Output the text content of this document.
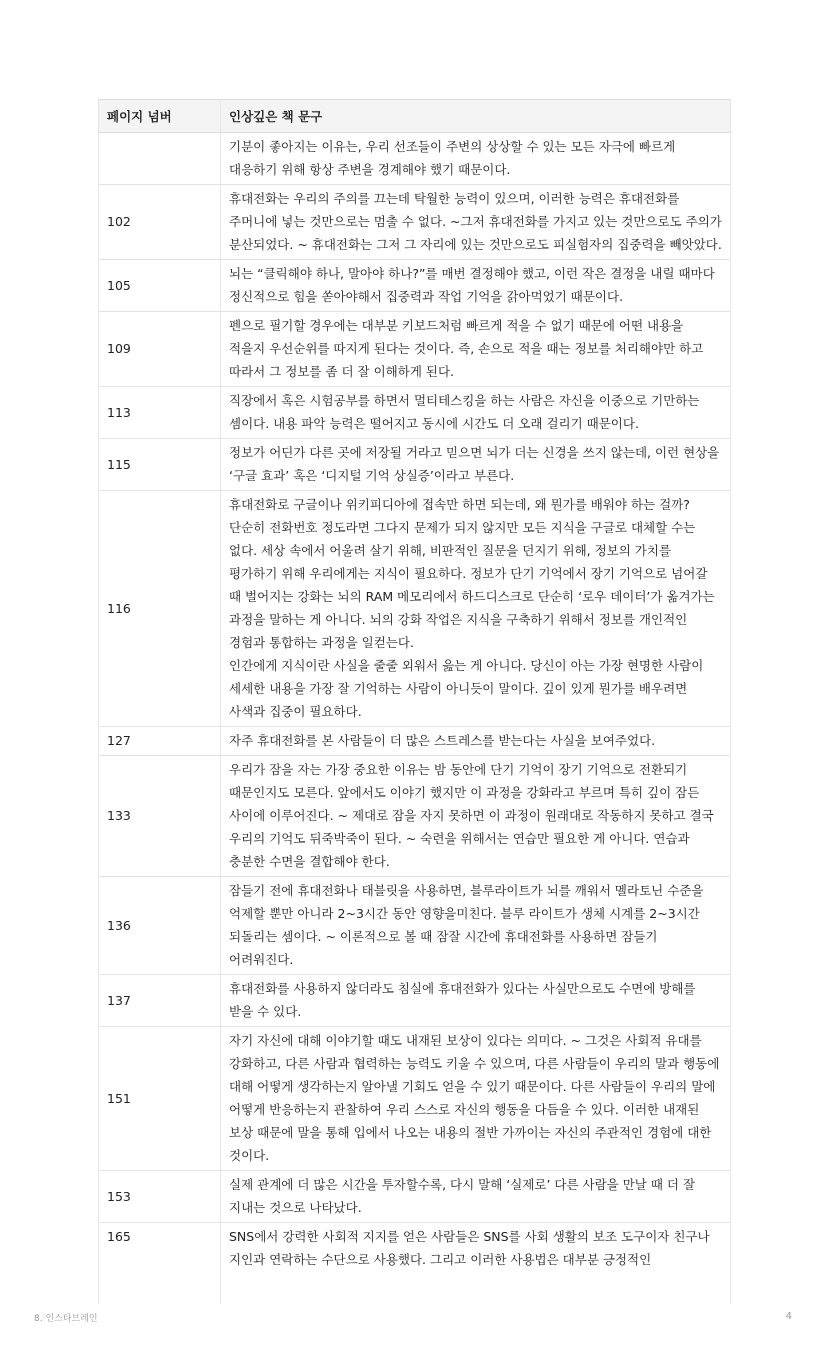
페이지 넘버	인상깊은 책 문구

	기분이 좋아지는 이유는, 우리 선조들이 주변의 상상할 수 있는 모든 자극에 빠르게 대응하기 위해 항상 주변을 경계해야 했기 때문이다.

102	휴대전화는 우리의 주의를 끄는데 탁월한 능력이 있으며, 이러한 능력은 휴대전화를 주머니에 넣는 것만으로는 멈출 수 없다. ~그저 휴대전화를 가지고 있는 것만으로도 주의가 분산되었다. ~ 휴대전화는 그저 그 자리에 있는 것만으로도 피실험자의 집중력을 빼앗았다.

105	뇌는 “클릭해야 하나, 말아야 하나?”를 매번 결정해야 했고, 이런 작은 결정을 내릴 때마다 정신적으로 힘을 쏟아야해서 집중력과 작업 기억을 갉아먹었기 때문이다.

109	펜으로 필기할 경우에는 대부분 키보드처럼 빠르게 적을 수 없기 때문에 어떤 내용을 적을지 우선순위를 따지게 된다는 것이다. 즉, 손으로 적을 때는 정보를 처리해야만 하고 따라서 그 정보를 좀 더 잘 이해하게 된다.

113	직장에서 혹은 시험공부를 하면서 멀티테스킹을 하는 사람은 자신을 이중으로 기만하는 셈이다. 내용 파악 능력은 떨어지고 동시에 시간도 더 오래 걸리기 때문이다.

115	정보가 어딘가 다른 곳에 저장될 거라고 믿으면 뇌가 더는 신경을 쓰지 않는데, 이런 현상을 ‘구글 효과’ 혹은 ‘디지털 기억 상실증’이라고 부른다.

116	휴대전화로 구글이나 위키피디아에 접속만 하면 되는데, 왜 뭔가를 배워야 하는 걸까? 단순히 전화번호 정도라면 그다지 문제가 되지 않지만 모든 지식을 구글로 대체할 수는 없다. 세상 속에서 어울려 살기 위해, 비판적인 질문을 던지기 위해, 정보의 가치를 평가하기 위해 우리에게는 지식이 필요하다. 정보가 단기 기억에서 장기 기억으로 넘어갈 때 벌어지는 강화는 뇌의 RAM 메모리에서 하드디스크로 단순히 ‘로우 데이터’가 옮겨가는 과정을 말하는 게 아니다. 뇌의 강화 작업은 지식을 구축하기 위해서 정보를 개인적인 경험과 통합하는 과정을 일컫는다.
인간에게 지식이란 사실을 줄줄 외워서 읊는 게 아니다. 당신이 아는 가장 현명한 사람이 세세한 내용을 가장 잘 기억하는 사람이 아니듯이 말이다. 깊이 있게 뭔가를 배우려면 사색과 집중이 필요하다.

127	자주 휴대전화를 본 사람들이 더 많은 스트레스를 받는다는 사실을 보여주었다.

133	우리가 잠을 자는 가장 중요한 이유는 밤 동안에 단기 기억이 장기 기억으로 전환되기 때문인지도 모른다. 앞에서도 이야기 했지만 이 과정을 강화라고 부르며 특히 깊이 잠든 사이에 이루어진다. ~ 제대로 잠을 자지 못하면 이 과정이 원래대로 작동하지 못하고 결국 우리의 기억도 뒤죽박죽이 된다. ~ 숙련을 위해서는 연습만 필요한 게 아니다. 연습과 충분한 수면을 결합해야 한다.

136	잠들기 전에 휴대전화나 태블릿을 사용하면, 블루라이트가 뇌를 깨워서 멜라토닌 수준을 억제할 뿐만 아니라 2~3시간 동안 영향을미친다. 블루 라이트가 생체 시계를 2~3시간 되돌리는 셈이다. ~ 이론적으로 볼 때 잠잘 시간에 휴대전화를 사용하면 잠들기 어려워진다.

137	휴대전화를 사용하지 않더라도 침실에 휴대전화가 있다는 사실만으로도 수면에 방해를 받을 수 있다.

151	자기 자신에 대해 이야기할 때도 내재된 보상이 있다는 의미다. ~ 그것은 사회적 유대를 강화하고, 다른 사람과 협력하는 능력도 키울 수 있으며, 다른 사람들이 우리의 말과 행동에 대해 어떻게 생각하는지 알아낼 기회도 얻을 수 있기 때문이다. 다른 사람들이 우리의 말에 어떻게 반응하는지 관찰하여 우리 스스로 자신의 행동을 다듬을 수 있다. 이러한 내재된 보상 때문에 말을 통해 입에서 나오는 내용의 절반 가까이는 자신의 주관적인 경험에 대한 것이다.

153	실제 관계에 더 많은 시간을 투자할수록, 다시 말해 ‘실제로’ 다른 사람을 만날 때 더 잘 지내는 것으로 나타났다.

165	SNS에서 강력한 사회적 지지를 얻은 사람들은 SNS를 사회 생활의 보조 도구이자 친구나 지인과 연락하는 수단으로 사용했다. 그리고 이러한 사용법은 대부분 긍정적인
8. 인스타브레인	4
